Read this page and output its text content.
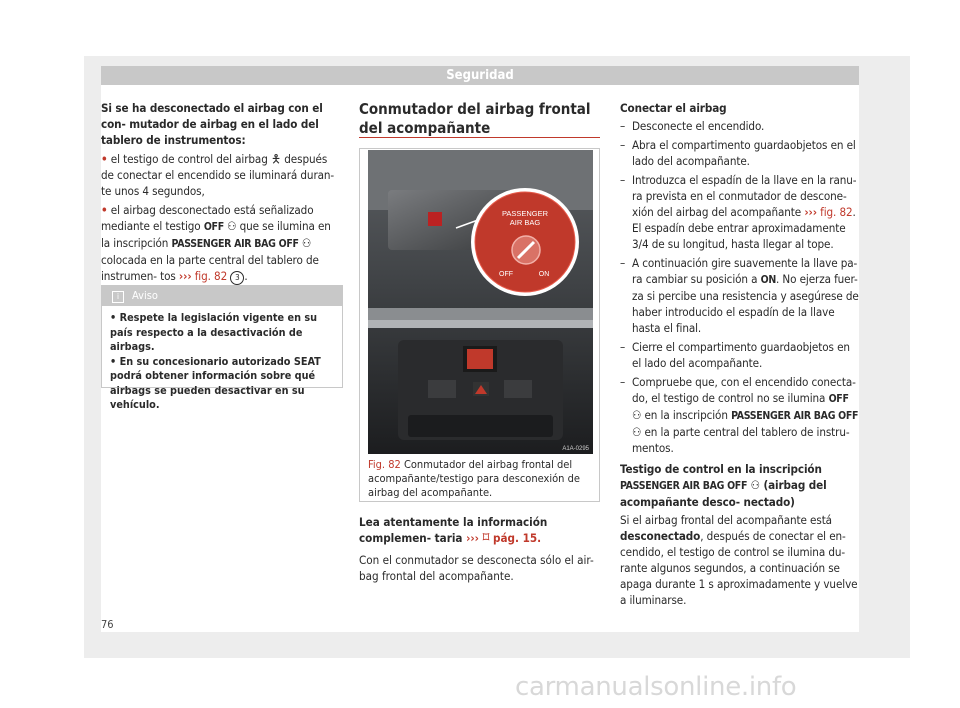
Seguridad

Si se ha desconectado el airbag con el con- mutador de airbag en el lado del tablero de instrumentos:

• el testigo de control del airbag 🯅 después de conectar el encendido se iluminará duran- te unos 4 segundos,

• el airbag desconectado está señalizado mediante el testigo OFF ⚇ que se ilumina en la inscripción PASSENGER AIR BAG OFF ⚇ colocada en la parte central del tablero de instrumen- tos ››› fig. 82 3 .

i Aviso

• Respete la legislación vigente en su país respecto a la desactivación de airbags.

• En su concesionario autorizado SEAT podrá obtener información sobre qué airbags se pueden desactivar en su vehículo.

Conmutador del airbag frontal del acompañante
PASSENGER
AIR BAG
OFF	ON
A1A-0295
Fig. 82 Conmutador del airbag frontal del acompañante/testigo para desconexión de airbag del acompañante.

Lea atentamente la información complemen- taria ››› ⌑ pág. 15.

Con el conmutador se desconecta sólo el air- bag frontal del acompañante.

Conectar el airbag

– Desconecte el encendido.
– Abra el compartimento guardaobjetos en el lado del acompañante.
– Introduzca el espadín de la llave en la ranu- ra prevista en el conmutador de descone- xión del airbag del acompañante ››› fig. 82. El espadín debe entrar aproximadamente 3/4 de su longitud, hasta llegar al tope.
– A continuación gire suavemente la llave pa- ra cambiar su posición a ON. No ejerza fuer- za si percibe una resistencia y asegúrese de haber introducido el espadín de la llave hasta el final.
– Cierre el compartimento guardaobjetos en el lado del acompañante.
– Compruebe que, con el encendido conecta- do, el testigo de control no se ilumina OFF ⚇ en la inscripción PASSENGER AIR BAG OFF ⚇ en la parte central del tablero de instru- mentos.

Testigo de control en la inscripción PASSENGER AIR BAG OFF ⚇ (airbag del acompañante desco- nectado)

Si el airbag frontal del acompañante está desconectado, después de conectar el en- cendido, el testigo de control se ilumina du- rante algunos segundos, a continuación se apaga durante 1 s aproximadamente y vuelve a iluminarse.

76
carmanualsonline.info
